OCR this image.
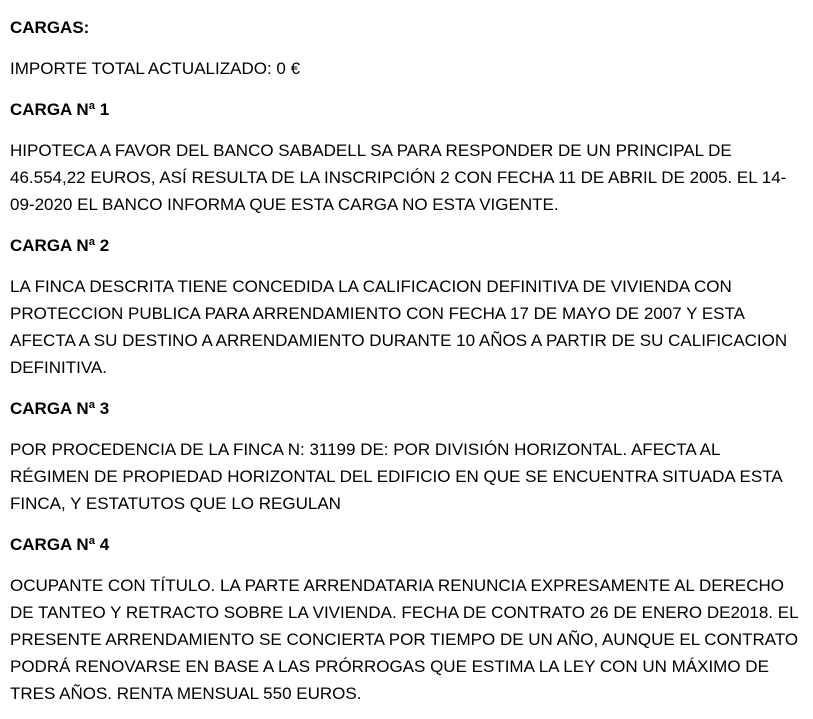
CARGAS:
IMPORTE TOTAL ACTUALIZADO: 0 €
CARGA Nª 1
HIPOTECA A FAVOR DEL BANCO SABADELL SA PARA RESPONDER DE UN PRINCIPAL DE
46.554,22 EUROS, ASÍ RESULTA DE LA INSCRIPCIÓN 2 CON FECHA 11 DE ABRIL DE 2005. EL 14-
09-2020 EL BANCO INFORMA QUE ESTA CARGA NO ESTA VIGENTE.
CARGA Nª 2
LA FINCA DESCRITA TIENE CONCEDIDA LA CALIFICACION DEFINITIVA DE VIVIENDA CON
PROTECCION PUBLICA PARA ARRENDAMIENTO CON FECHA 17 DE MAYO DE 2007 Y ESTA
AFECTA A SU DESTINO A ARRENDAMIENTO DURANTE 10 AÑOS A PARTIR DE SU CALIFICACION
DEFINITIVA.
CARGA Nª 3
POR PROCEDENCIA DE LA FINCA N: 31199 DE: POR DIVISIÓN HORIZONTAL. AFECTA AL
RÉGIMEN DE PROPIEDAD HORIZONTAL DEL EDIFICIO EN QUE SE ENCUENTRA SITUADA ESTA
FINCA, Y ESTATUTOS QUE LO REGULAN
CARGA Nª 4
OCUPANTE CON TÍTULO. LA PARTE ARRENDATARIA RENUNCIA EXPRESAMENTE AL DERECHO
DE TANTEO Y RETRACTO SOBRE LA VIVIENDA. FECHA DE CONTRATO 26 DE ENERO DE2018. EL
PRESENTE ARRENDAMIENTO SE CONCIERTA POR TIEMPO DE UN AÑO, AUNQUE EL CONTRATO
PODRÁ RENOVARSE EN BASE A LAS PRÓRROGAS QUE ESTIMA LA LEY CON UN MÁXIMO DE
TRES AÑOS. RENTA MENSUAL 550 EUROS.
